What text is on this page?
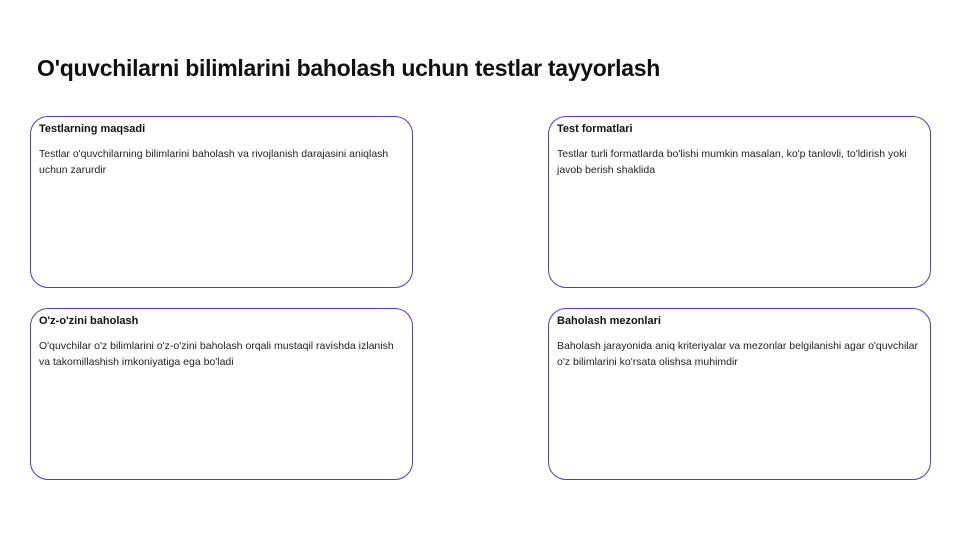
O'quvchilarni bilimlarini baholash uchun testlar tayyorlash
Testlarning maqsadi

Testlar o'quvchilarning bilimlarini baholash va rivojlanish darajasini aniqlash uchun zarurdir

Test formatlari

Testlar turli formatlarda bo'lishi mumkin masalan, ko'p tanlovli, to'ldirish yoki javob berish shaklida

O'z-o'zini baholash

O'quvchilar o'z bilimlarini o'z-o'zini baholash orqali mustaqil ravishda izlanish va takomillashish imkoniyatiga ega bo'ladi

Baholash mezonlari

Baholash jarayonida aniq kriteriyalar va mezonlar belgilanishi agar o'quvchilar o'z bilimlarini ko'rsata olishsa muhimdir
